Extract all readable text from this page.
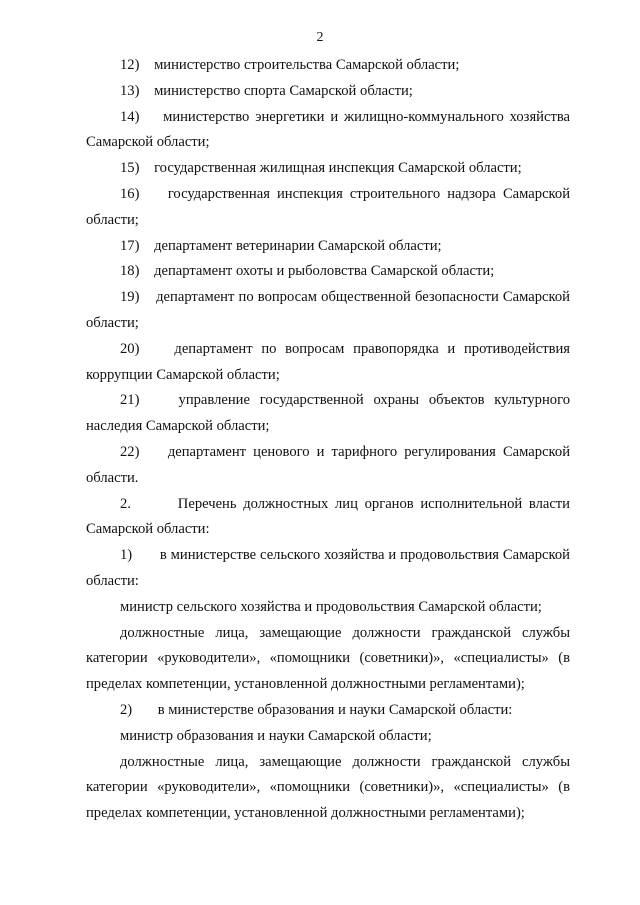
2

12) министерство строительства Самарской области;

13) министерство спорта Самарской области;

14) министерство энергетики и жилищно-коммунального хозяйства Самарской области;

15) государственная жилищная инспекция Самарской области;

16) государственная инспекция строительного надзора Самарской области;

17) департамент ветеринарии Самарской области;

18) департамент охоты и рыболовства Самарской области;

19) департамент по вопросам общественной безопасности Самарской области;

20) департамент по вопросам правопорядка и противодействия коррупции Самарской области;

21)	управление государственной охраны объектов культурного наследия Самарской области;

22) департамент ценового и тарифного регулирования Самарской области.

2.	Перечень должностных лиц органов исполнительной власти Самарской области:

1) в министерстве сельского хозяйства и продовольствия Самарской области:

министр сельского хозяйства и продовольствия Самарской области;

должностные лица, замещающие должности гражданской службы категории «руководители», «помощники (советники)», «специалисты» (в пределах компетенции, установленной должностными регламентами);

2) в министерстве образования и науки Самарской области:

министр образования и науки Самарской области;

должностные лица, замещающие должности гражданской службы категории «руководители», «помощники (советники)», «специалисты» (в пределах компетенции, установленной должностными регламентами);
